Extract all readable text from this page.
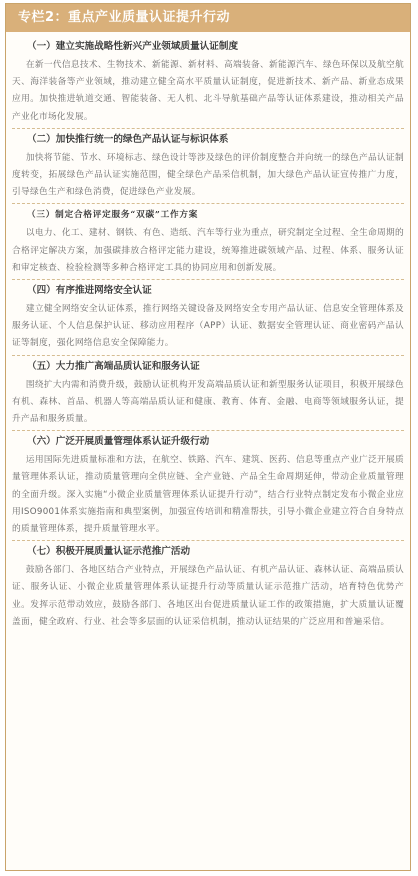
专栏2：重点产业质量认证提升行动
（一）建立实施战略性新兴产业领域质量认证制度

在新一代信息技术、生物技术、新能源、新材料、高端装备、新能源汽车、绿色环保以及航空航天、海洋装备等产业领域，推动建立健全高水平质量认证制度，促进新技术、新产品、新业态成果应用。加快推进轨道交通、智能装备、无人机、北斗导航基础产品等认证体系建设，推动相关产品产业化市场化发展。

（二）加快推行统一的绿色产品认证与标识体系

加快将节能、节水、环境标志、绿色设计等涉及绿色的评价制度整合并向统一的绿色产品认证制度转变，拓展绿色产品认证实施范围，健全绿色产品采信机制，加大绿色产品认证宣传推广力度，引导绿色生产和绿色消费，促进绿色产业发展。

（三）制定合格评定服务“双碳”工作方案

以电力、化工、建材、钢铁、有色、造纸、汽车等行业为重点，研究制定全过程、全生命周期的合格评定解决方案，加强碳排放合格评定能力建设，统筹推进碳领域产品、过程、体系、服务认证和审定核查、检验检测等多种合格评定工具的协同应用和创新发展。

（四）有序推进网络安全认证

建立健全网络安全认证体系，推行网络关键设备及网络安全专用产品认证、信息安全管理体系及服务认证、个人信息保护认证、移动应用程序（APP）认证、数据安全管理认证、商业密码产品认证等制度，强化网络信息安全保障能力。

（五）大力推广高端品质认证和服务认证

围绕扩大内需和消费升级，鼓励认证机构开发高端品质认证和新型服务认证项目，积极开展绿色有机、森林、首品、机器人等高端品质认证和健康、教育、体育、金融、电商等领域服务认证，提升产品和服务质量。

（六）广泛开展质量管理体系认证升级行动

运用国际先进质量标准和方法，在航空、铁路、汽车、建筑、医药、信息等重点产业广泛开展质量管理体系认证，推动质量管理向全供应链、全产业链、产品全生命周期延伸，带动企业质量管理的全面升级。深入实施“小微企业质量管理体系认证提升行动”，结合行业特点制定发布小微企业应用ISO9001体系实施指南和典型案例，加强宣传培训和精准帮扶，引导小微企业建立符合自身特点的质量管理体系，提升质量管理水平。

（七）积极开展质量认证示范推广活动

鼓励各部门、各地区结合产业特点，开展绿色产品认证、有机产品认证、森林认证、高端品质认证、服务认证、小微企业质量管理体系认证提升行动等质量认证示范推广活动，培育特色优势产业。发挥示范带动效应，鼓励各部门、各地区出台促进质量认证工作的政策措施，扩大质量认证覆盖面，健全政府、行业、社会等多层面的认证采信机制，推动认证结果的广泛应用和普遍采信。
